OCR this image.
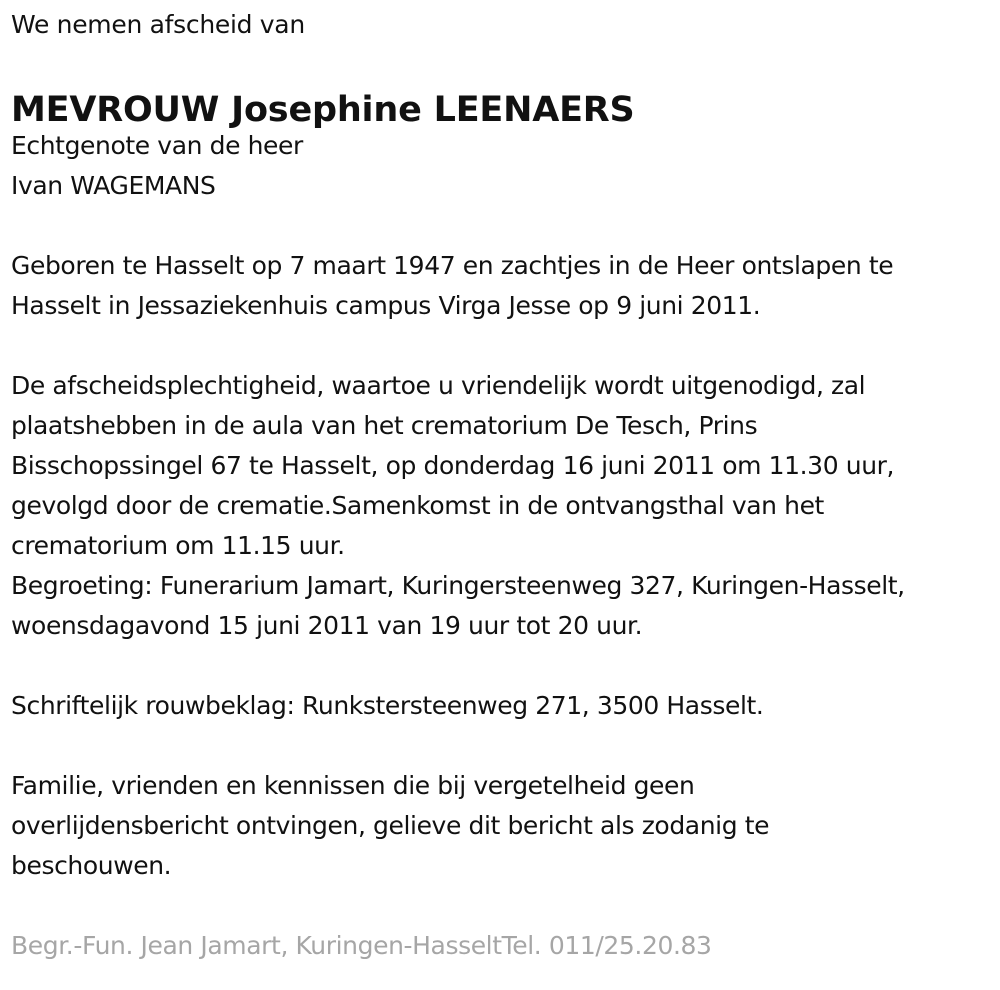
We nemen afscheid van

MEVROUW Josephine LEENAERS

Echtgenote van de heer
Ivan WAGEMANS

Geboren te Hasselt op 7 maart 1947 en zachtjes in de Heer ontslapen te
Hasselt in Jessaziekenhuis campus Virga Jesse op 9 juni 2011.

De afscheidsplechtigheid, waartoe u vriendelijk wordt uitgenodigd, zal
plaatshebben in de aula van het crematorium De Tesch, Prins
Bisschopssingel 67 te Hasselt, op donderdag 16 juni 2011 om 11.30 uur,
gevolgd door de crematie.Samenkomst in de ontvangsthal van het
crematorium om 11.15 uur.
Begroeting: Funerarium Jamart, Kuringersteenweg 327, Kuringen-Hasselt,
woensdagavond 15 juni 2011 van 19 uur tot 20 uur.

Schriftelijk rouwbeklag: Runkstersteenweg 271, 3500 Hasselt.

Familie, vrienden en kennissen die bij vergetelheid geen
overlijdensbericht ontvingen, gelieve dit bericht als zodanig te
beschouwen.

Begr.-Fun. Jean Jamart, Kuringen-HasseltTel. 011/25.20.83
